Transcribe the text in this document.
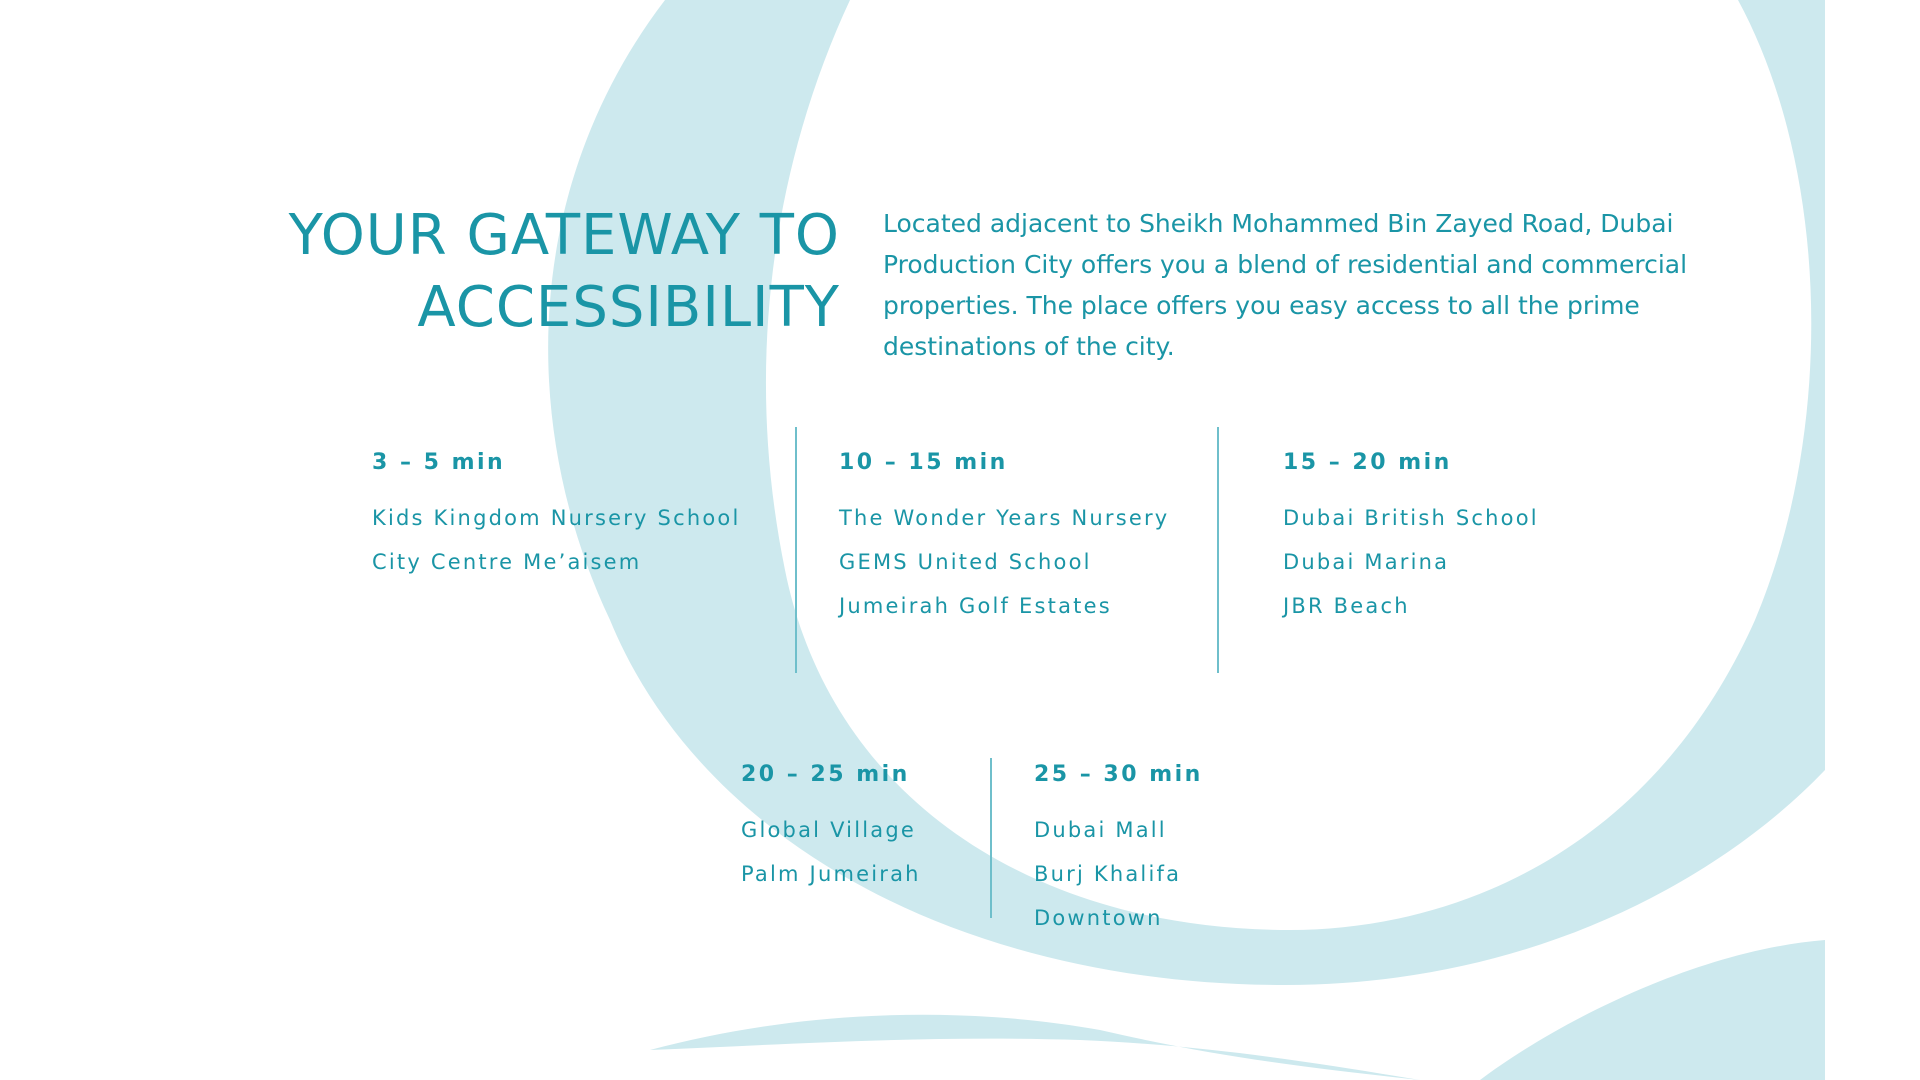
YOUR GATEWAY TO
ACCESSIBILITY

Located adjacent to Sheikh Mohammed Bin Zayed Road, Dubai Production City offers you a blend of residential and commercial properties. The place offers you easy access to all the prime destinations of the city.

3 – 5 min
Kids Kingdom Nursery School
City Centre Me’aisem
10 – 15 min
The Wonder Years Nursery
GEMS United School
Jumeirah Golf Estates
15 – 20 min
Dubai British School
Dubai Marina
JBR Beach
20 – 25 min
Global Village
Palm Jumeirah
25 – 30 min
Dubai Mall
Burj Khalifa
Downtown
